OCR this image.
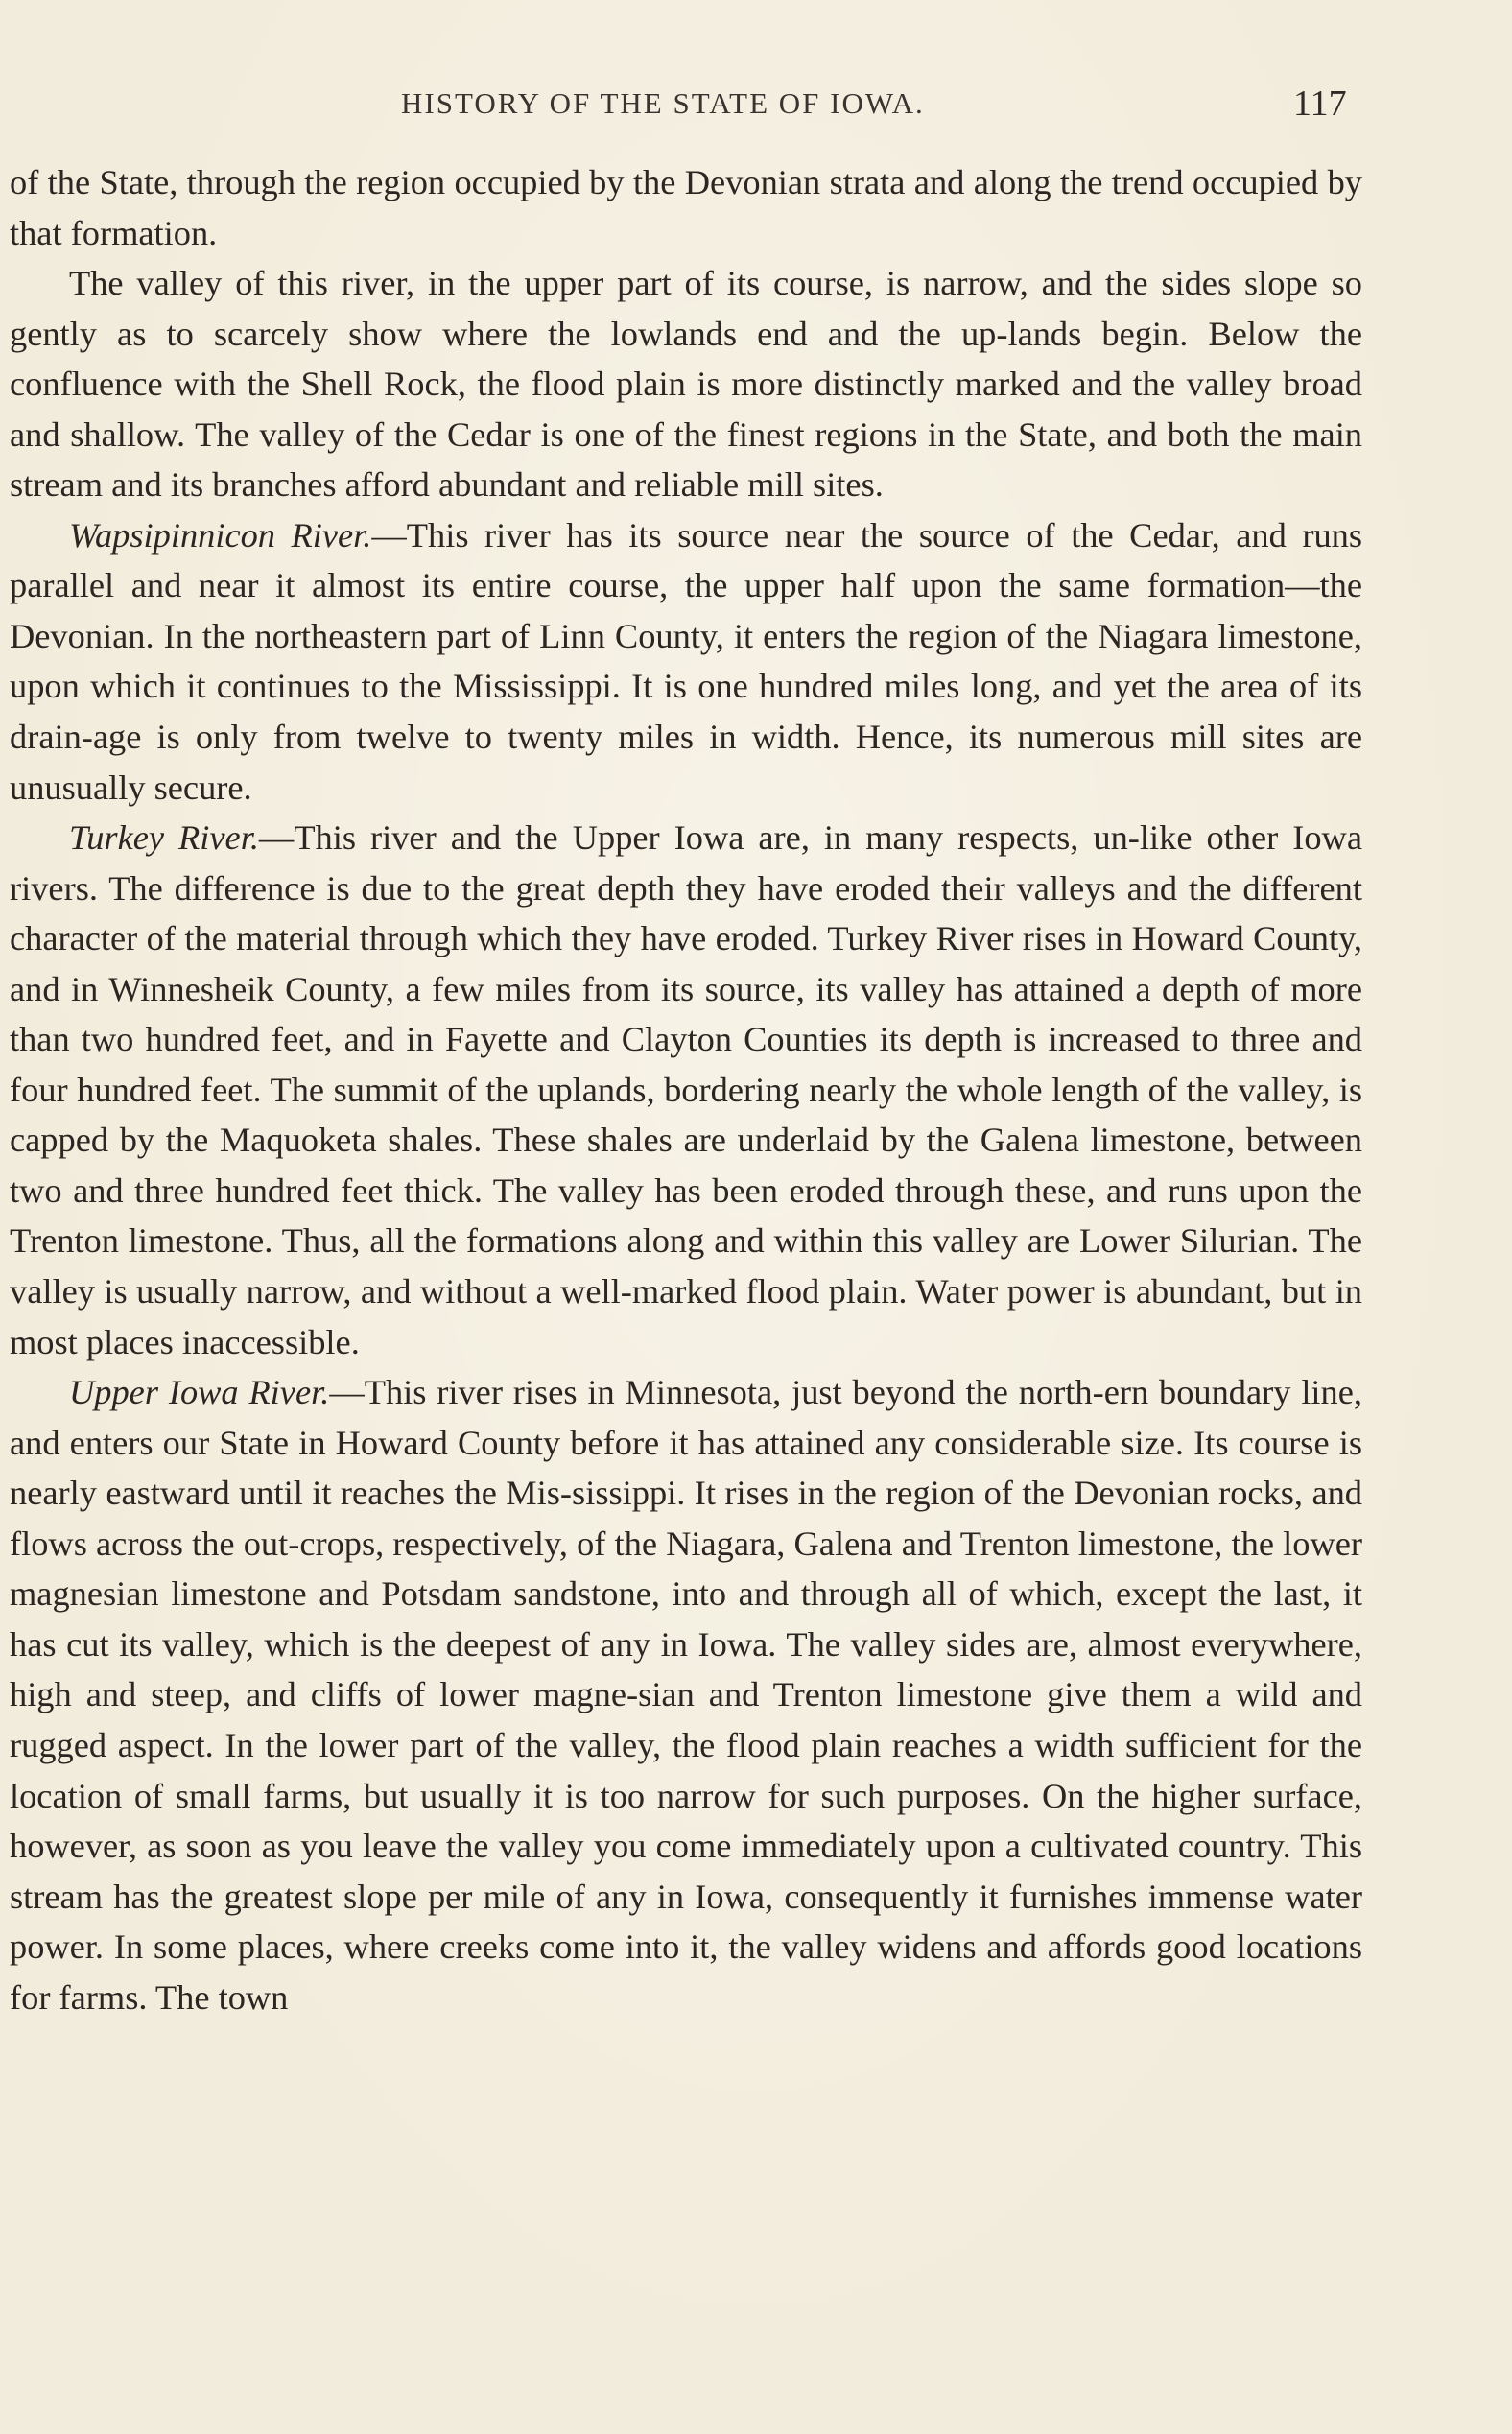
HISTORY OF THE STATE OF IOWA.	117

of the State, through the region occupied by the Devonian strata and along the trend occupied by that formation.

The valley of this river, in the upper part of its course, is narrow, and the sides slope so gently as to scarcely show where the lowlands end and the up-lands begin. Below the confluence with the Shell Rock, the flood plain is more distinctly marked and the valley broad and shallow. The valley of the Cedar is one of the finest regions in the State, and both the main stream and its branches afford abundant and reliable mill sites.

Wapsipinnicon River.—This river has its source near the source of the Cedar, and runs parallel and near it almost its entire course, the upper half upon the same formation—the Devonian. In the northeastern part of Linn County, it enters the region of the Niagara limestone, upon which it continues to the Mississippi. It is one hundred miles long, and yet the area of its drain-age is only from twelve to twenty miles in width. Hence, its numerous mill sites are unusually secure.

Turkey River.—This river and the Upper Iowa are, in many respects, un-like other Iowa rivers. The difference is due to the great depth they have eroded their valleys and the different character of the material through which they have eroded. Turkey River rises in Howard County, and in Winnesheik County, a few miles from its source, its valley has attained a depth of more than two hundred feet, and in Fayette and Clayton Counties its depth is increased to three and four hundred feet. The summit of the uplands, bordering nearly the whole length of the valley, is capped by the Maquoketa shales. These shales are underlaid by the Galena limestone, between two and three hundred feet thick. The valley has been eroded through these, and runs upon the Trenton limestone. Thus, all the formations along and within this valley are Lower Silurian. The valley is usually narrow, and without a well-marked flood plain. Water power is abundant, but in most places inaccessible.

Upper Iowa River.—This river rises in Minnesota, just beyond the north-ern boundary line, and enters our State in Howard County before it has attained any considerable size. Its course is nearly eastward until it reaches the Mis-sissippi. It rises in the region of the Devonian rocks, and flows across the out-crops, respectively, of the Niagara, Galena and Trenton limestone, the lower magnesian limestone and Potsdam sandstone, into and through all of which, except the last, it has cut its valley, which is the deepest of any in Iowa. The valley sides are, almost everywhere, high and steep, and cliffs of lower magne-sian and Trenton limestone give them a wild and rugged aspect. In the lower part of the valley, the flood plain reaches a width sufficient for the location of small farms, but usually it is too narrow for such purposes. On the higher surface, however, as soon as you leave the valley you come immediately upon a cultivated country. This stream has the greatest slope per mile of any in Iowa, consequently it furnishes immense water power. In some places, where creeks come into it, the valley widens and affords good locations for farms. The town
